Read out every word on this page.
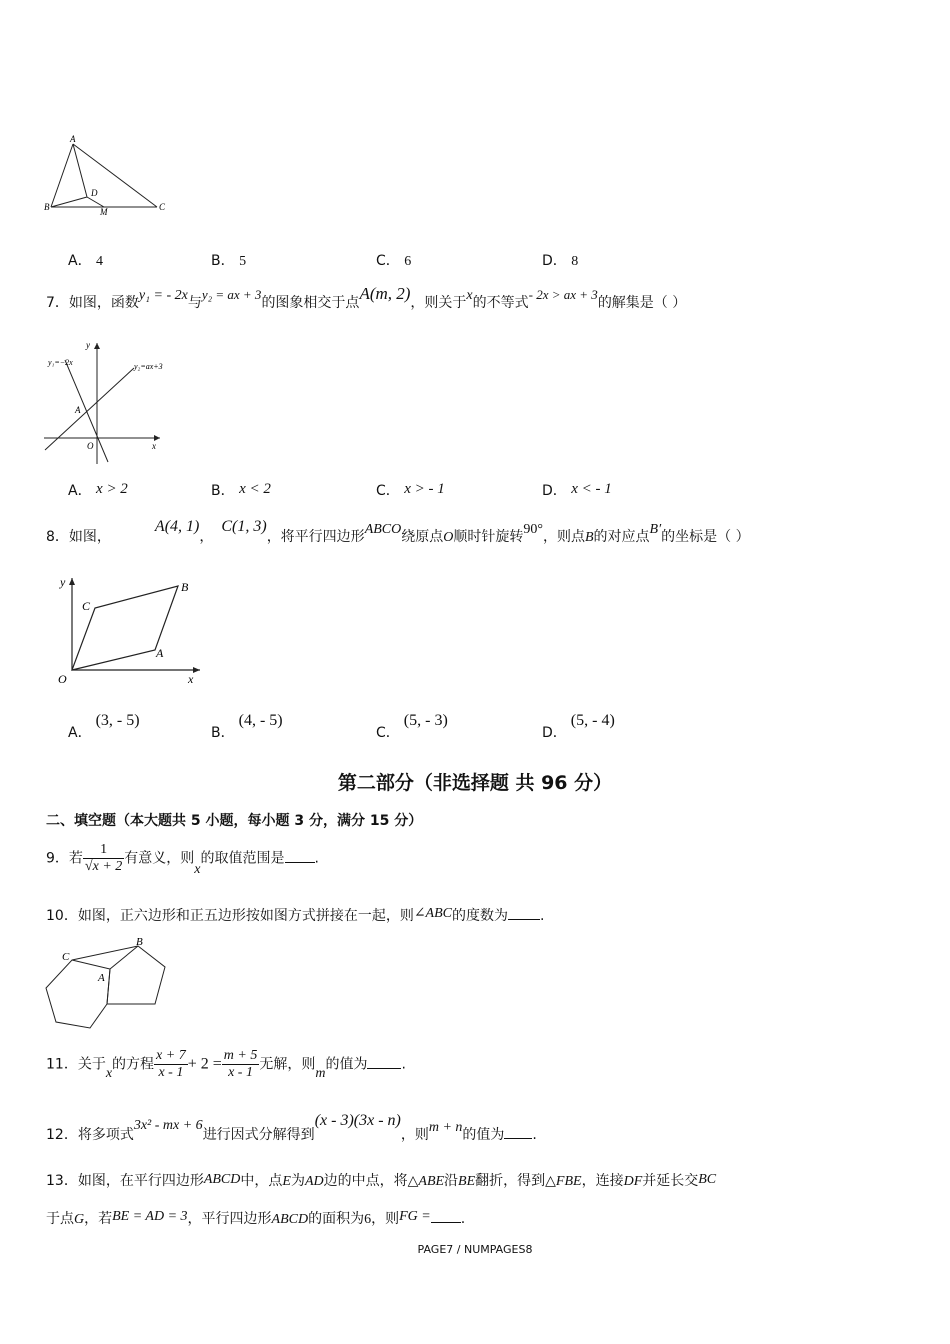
A
B	C
D
M
A． 4	B． 5	C． 6	D． 8
7．如图，函数y₁ = - 2x与y₂ = ax + 3的图象相交于点A(m, 2)，则关于x的不等式- 2x > ax + 3的解集是（ ）
y
x
O
A
y₁=−2x	y₂=ax+3
A． x > 2	B． x < 2	C． x > - 1	D． x < - 1
8．如图，A(4, 1)，C(1, 3)，将平行四边形ABCO绕原点O顺时针旋转90°，则点B的对应点B′的坐标是（ ）
y
x
O
A
B
C
A．(3, - 5)
B．(4, - 5)
C．(5, - 3)
D．(5, - 4)
第二部分（非选择题 共 96 分）
二、填空题（本大题共 5 小题，每小题 3 分，满分 15 分）
9．若 $\frac{1}{√x + 2}$ 有意义，则x的取值范围是 .
10．如图，正六边形和正五边形按如图方式拼接在一起，则∠ABC的度数为 .
C
B
A
11．关于x的方程 $\frac{x + 7}{x - 1} + 2 = \frac{m + 5}{x - 1}$ 无解，则m的值为 .
12．将多项式3x² - mx + 6进行因式分解得到(x - 3)(3x - n)，则m + n的值为 .
13．如图，在平行四边形ABCD中，点E为AD边的中点，将△ABE沿BE翻折，得到△FBE，连接DF并延长交BC
于点G，若BE = AD = 3，平行四边形ABCD的面积为6，则FG = .
PAGE7 / NUMPAGES8
